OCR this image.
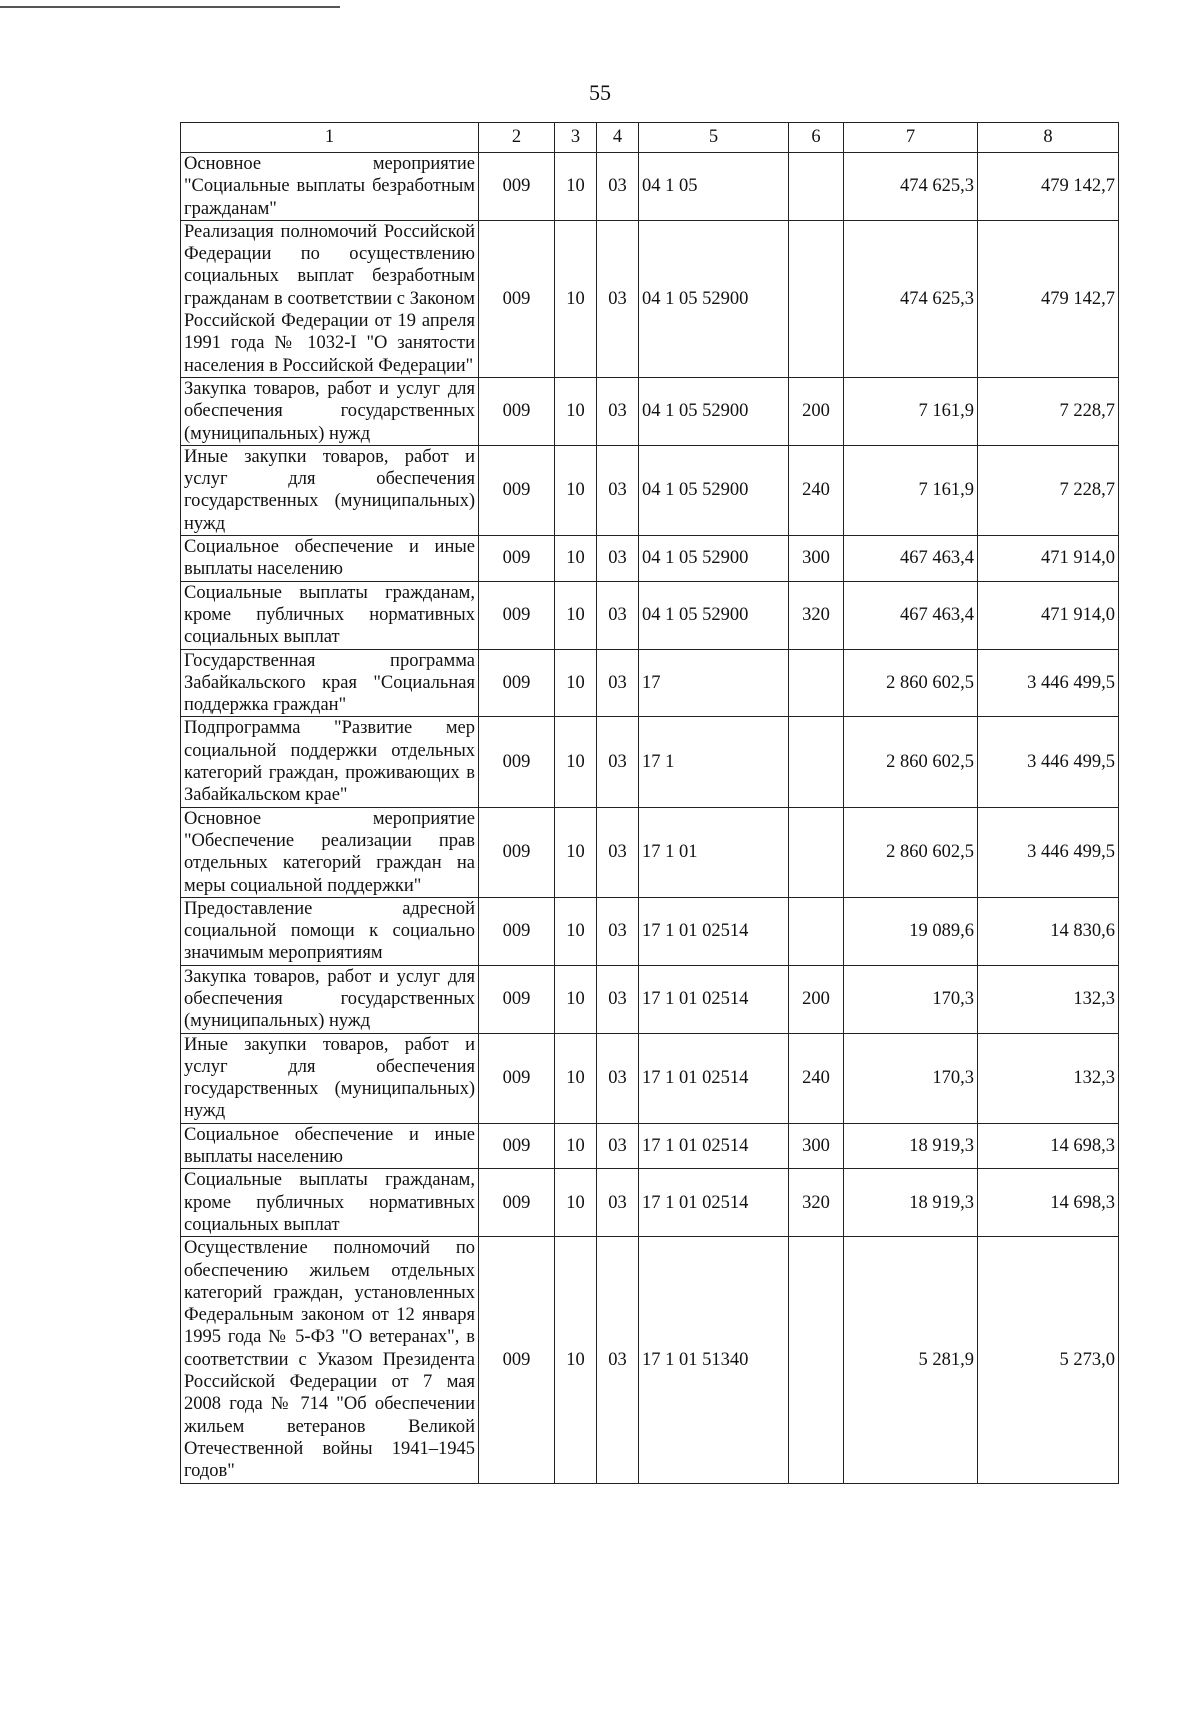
55
1	2	3	4	5	6	7	8
Основное мероприятие "Социальные выплаты безработным гражданам"	009	10	03	04 1 05		474 625,3	479 142,7
Реализация полномочий Российской Федерации по осуществлению социальных выплат безработным гражданам в соответствии с Законом Российской Федерации от 19 апреля 1991 года № 1032-I "О занятости населения в Российской Федерации"	009	10	03	04 1 05 52900		474 625,3	479 142,7
Закупка товаров, работ и услуг для обеспечения государственных (муниципальных) нужд	009	10	03	04 1 05 52900	200	7 161,9	7 228,7
Иные закупки товаров, работ и услуг для обеспечения государственных (муниципальных) нужд	009	10	03	04 1 05 52900	240	7 161,9	7 228,7
Социальное обеспечение и иные выплаты населению	009	10	03	04 1 05 52900	300	467 463,4	471 914,0
Социальные выплаты гражданам, кроме публичных нормативных социальных выплат	009	10	03	04 1 05 52900	320	467 463,4	471 914,0
Государственная программа Забайкальского края "Социальная поддержка граждан"	009	10	03	17		2 860 602,5	3 446 499,5
Подпрограмма "Развитие мер социальной поддержки отдельных категорий граждан, проживающих в Забайкальском крае"	009	10	03	17 1		2 860 602,5	3 446 499,5
Основное мероприятие "Обеспечение реализации прав отдельных категорий граждан на меры социальной поддержки"	009	10	03	17 1 01		2 860 602,5	3 446 499,5
Предоставление адресной социальной помощи к социально значимым мероприятиям	009	10	03	17 1 01 02514		19 089,6	14 830,6
Закупка товаров, работ и услуг для обеспечения государственных (муниципальных) нужд	009	10	03	17 1 01 02514	200	170,3	132,3
Иные закупки товаров, работ и услуг для обеспечения государственных (муниципальных) нужд	009	10	03	17 1 01 02514	240	170,3	132,3
Социальное обеспечение и иные выплаты населению	009	10	03	17 1 01 02514	300	18 919,3	14 698,3
Социальные выплаты гражданам, кроме публичных нормативных социальных выплат	009	10	03	17 1 01 02514	320	18 919,3	14 698,3
Осуществление полномочий по обеспечению жильем отдельных категорий граждан, установленных Федеральным законом от 12 января 1995 года № 5-ФЗ "О ветеранах", в соответствии с Указом Президента Российской Федерации от 7 мая 2008 года № 714 "Об обеспечении жильем ветеранов Великой Отечественной войны 1941–1945 годов"	009	10	03	17 1 01 51340		5 281,9	5 273,0
